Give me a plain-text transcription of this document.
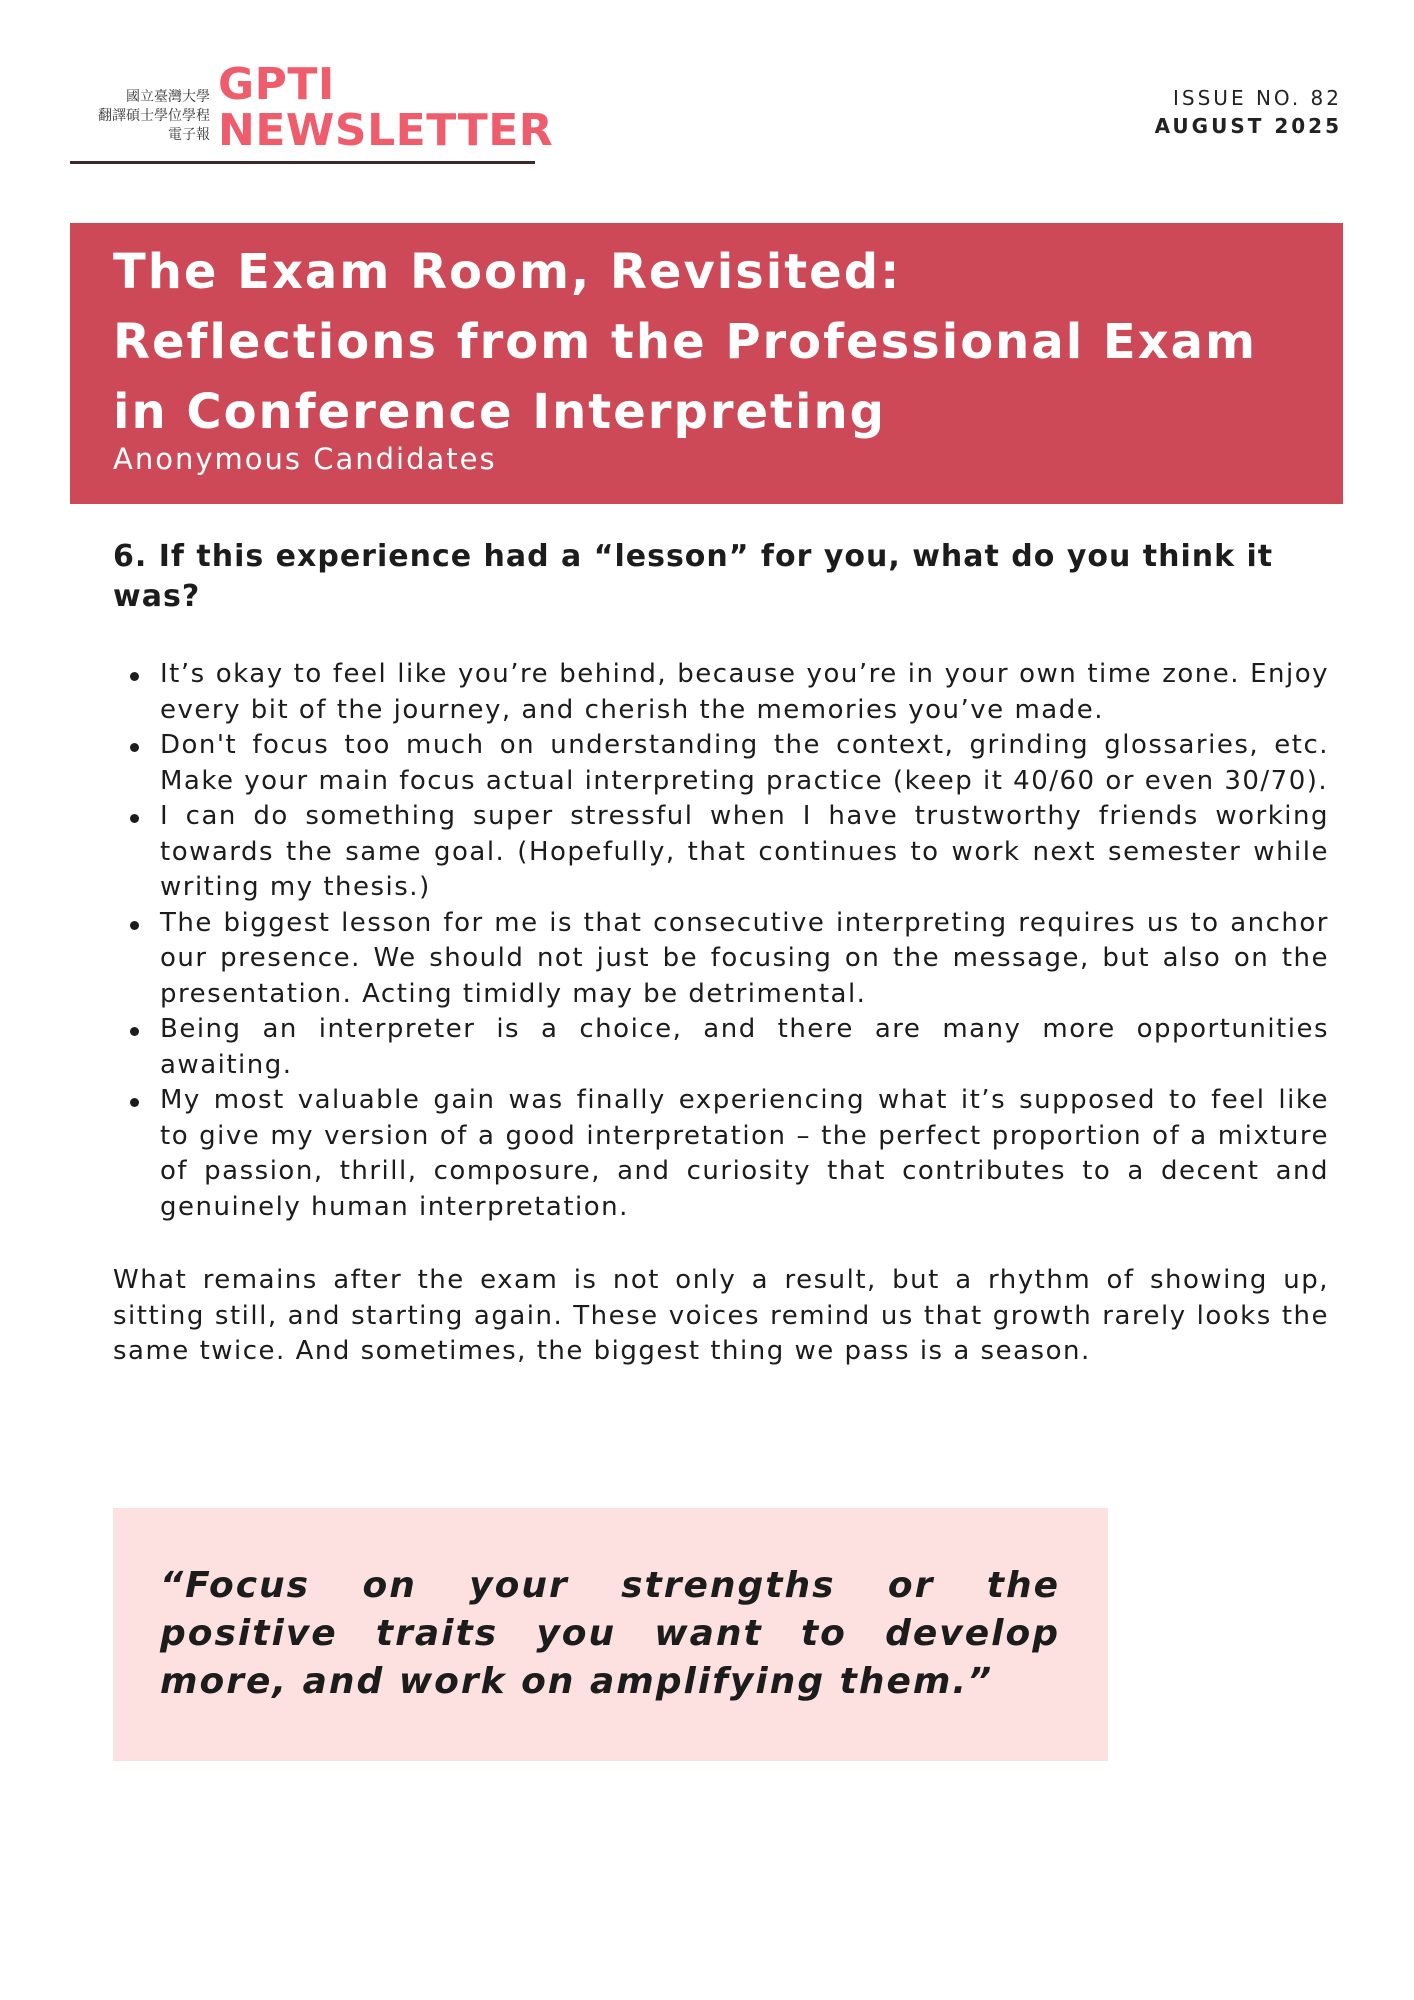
國立臺灣大學
翻譯碩士學位學程
電子報
GPTI
NEWSLETTER
ISSUE NO. 82
AUGUST 2025
The Exam Room, Revisited:
Reflections from the Professional Exam
in Conference Interpreting
Anonymous Candidates
6. If this experience had a “lesson” for you, what do you think it was?
It’s okay to feel like you’re behind, because you’re in your own time zone. Enjoy every bit of the journey, and cherish the memories you’ve made.
Don't focus too much on understanding the context, grinding glossaries, etc. Make your main focus actual interpreting practice (keep it 40/60 or even 30/70).
I can do something super stressful when I have trustworthy friends working towards the same goal. (Hopefully, that continues to work next semester while writing my thesis.)
The biggest lesson for me is that consecutive interpreting requires us to anchor our presence. We should not just be focusing on the message, but also on the presentation. Acting timidly may be detrimental.
Being an interpreter is a choice, and there are many more opportunities awaiting.
My most valuable gain was finally experiencing what it’s supposed to feel like to give my version of a good interpretation – the perfect proportion of a mixture of passion, thrill, composure, and curiosity that contributes to a decent and genuinely human interpretation.

What remains after the exam is not only a result, but a rhythm of showing up, sitting still, and starting again. These voices remind us that growth rarely looks the same twice. And sometimes, the biggest thing we pass is a season.

“Focus on your strengths or the positive traits you want to develop more, and work on amplifying them.”
